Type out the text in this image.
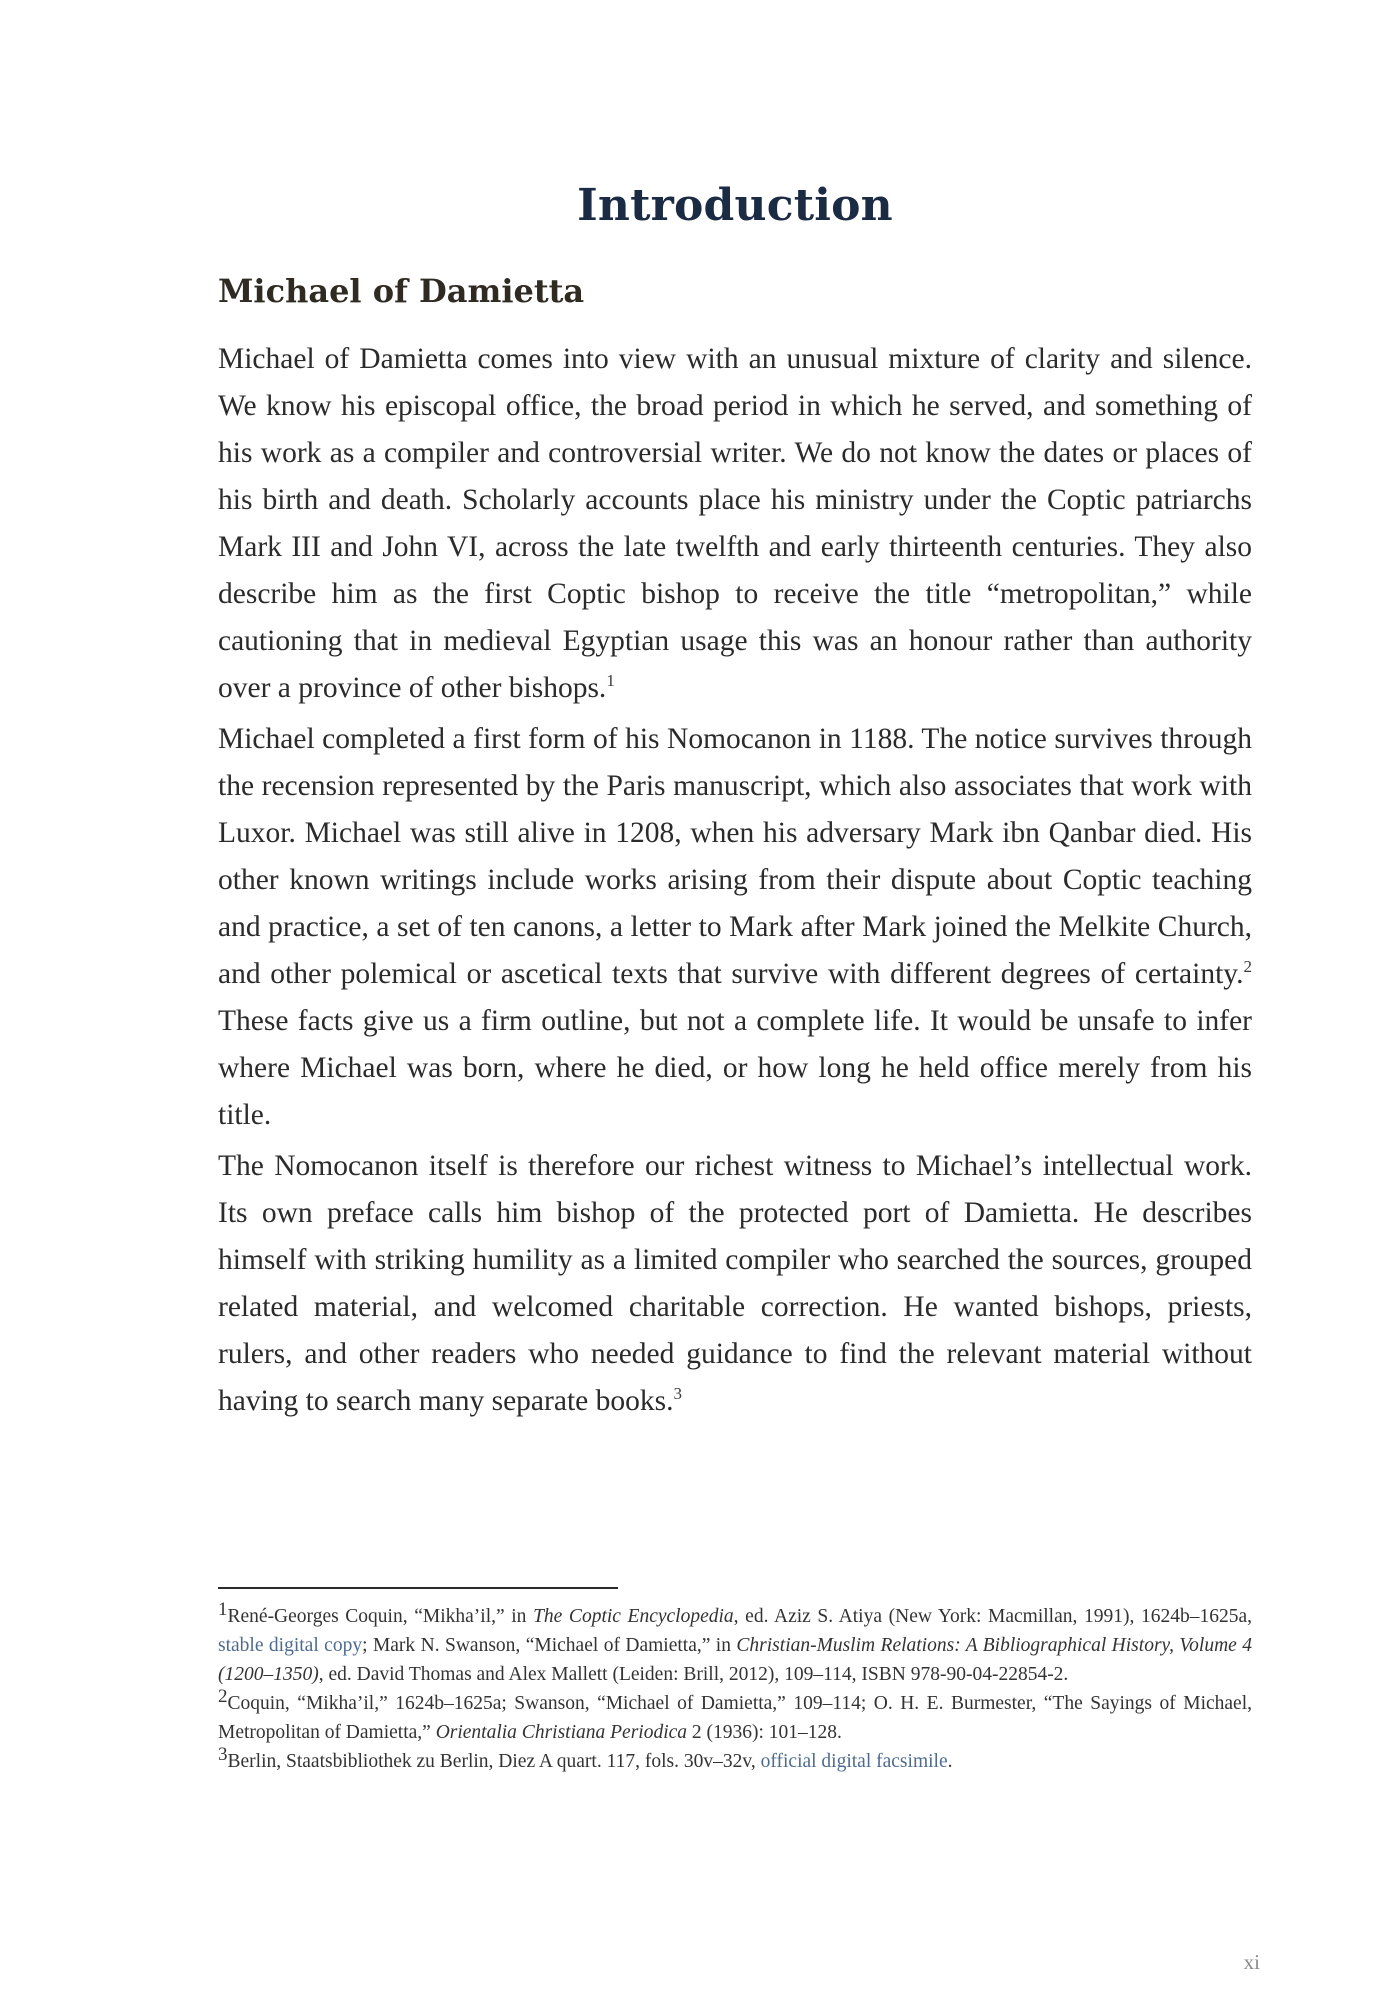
Introduction
Michael of Damietta

Michael of Damietta comes into view with an unusual mixture of clarity and silence. We know his episcopal office, the broad period in which he served, and something of his work as a compiler and controversial writer. We do not know the dates or places of his birth and death. Scholarly accounts place his ministry under the Coptic patriarchs Mark III and John VI, across the late twelfth and early thirteenth centuries. They also describe him as the first Coptic bishop to receive the title “metropolitan,” while cautioning that in medieval Egyptian usage this was an honour rather than authority over a province of other bishops.$^1$

Michael completed a first form of his Nomocanon in 1188. The notice survives through the recension represented by the Paris manuscript, which also associates that work with Luxor. Michael was still alive in 1208, when his adversary Mark ibn Qanbar died. His other known writings include works arising from their dispute about Coptic teaching and practice, a set of ten canons, a letter to Mark after Mark joined the Melkite Church, and other polemical or ascetical texts that survive with different degrees of certainty.$^2$ These facts give us a firm outline, but not a complete life. It would be unsafe to infer where Michael was born, where he died, or how long he held office merely from his title.

The Nomocanon itself is therefore our richest witness to Michael’s intellectual work. Its own preface calls him bishop of the protected port of Damietta. He describes himself with striking humility as a limited compiler who searched the sources, grouped related material, and welcomed charitable correction. He wanted bishops, priests, rulers, and other readers who needed guidance to find the relevant material without having to search many separate books.$^3$

1René-Georges Coquin, “Mikha’il,” in The Coptic Encyclopedia, ed. Aziz S. Atiya (New York: Macmillan, 1991), 1624b–1625a, stable digital copy; Mark N. Swanson, “Michael of Damietta,” in Christian-Muslim Relations: A Bibliographical History, Volume 4 (1200–1350), ed. David Thomas and Alex Mallett (Leiden: Brill, 2012), 109–114, ISBN 978-90-04-22854-2.

2Coquin, “Mikha’il,” 1624b–1625a; Swanson, “Michael of Damietta,” 109–114; O. H. E. Burmester, “The Sayings of Michael, Metropolitan of Damietta,” Orientalia Christiana Periodica 2 (1936): 101–128.

3Berlin, Staatsbibliothek zu Berlin, Diez A quart. 117, fols. 30v–32v, official digital facsimile.

xi
